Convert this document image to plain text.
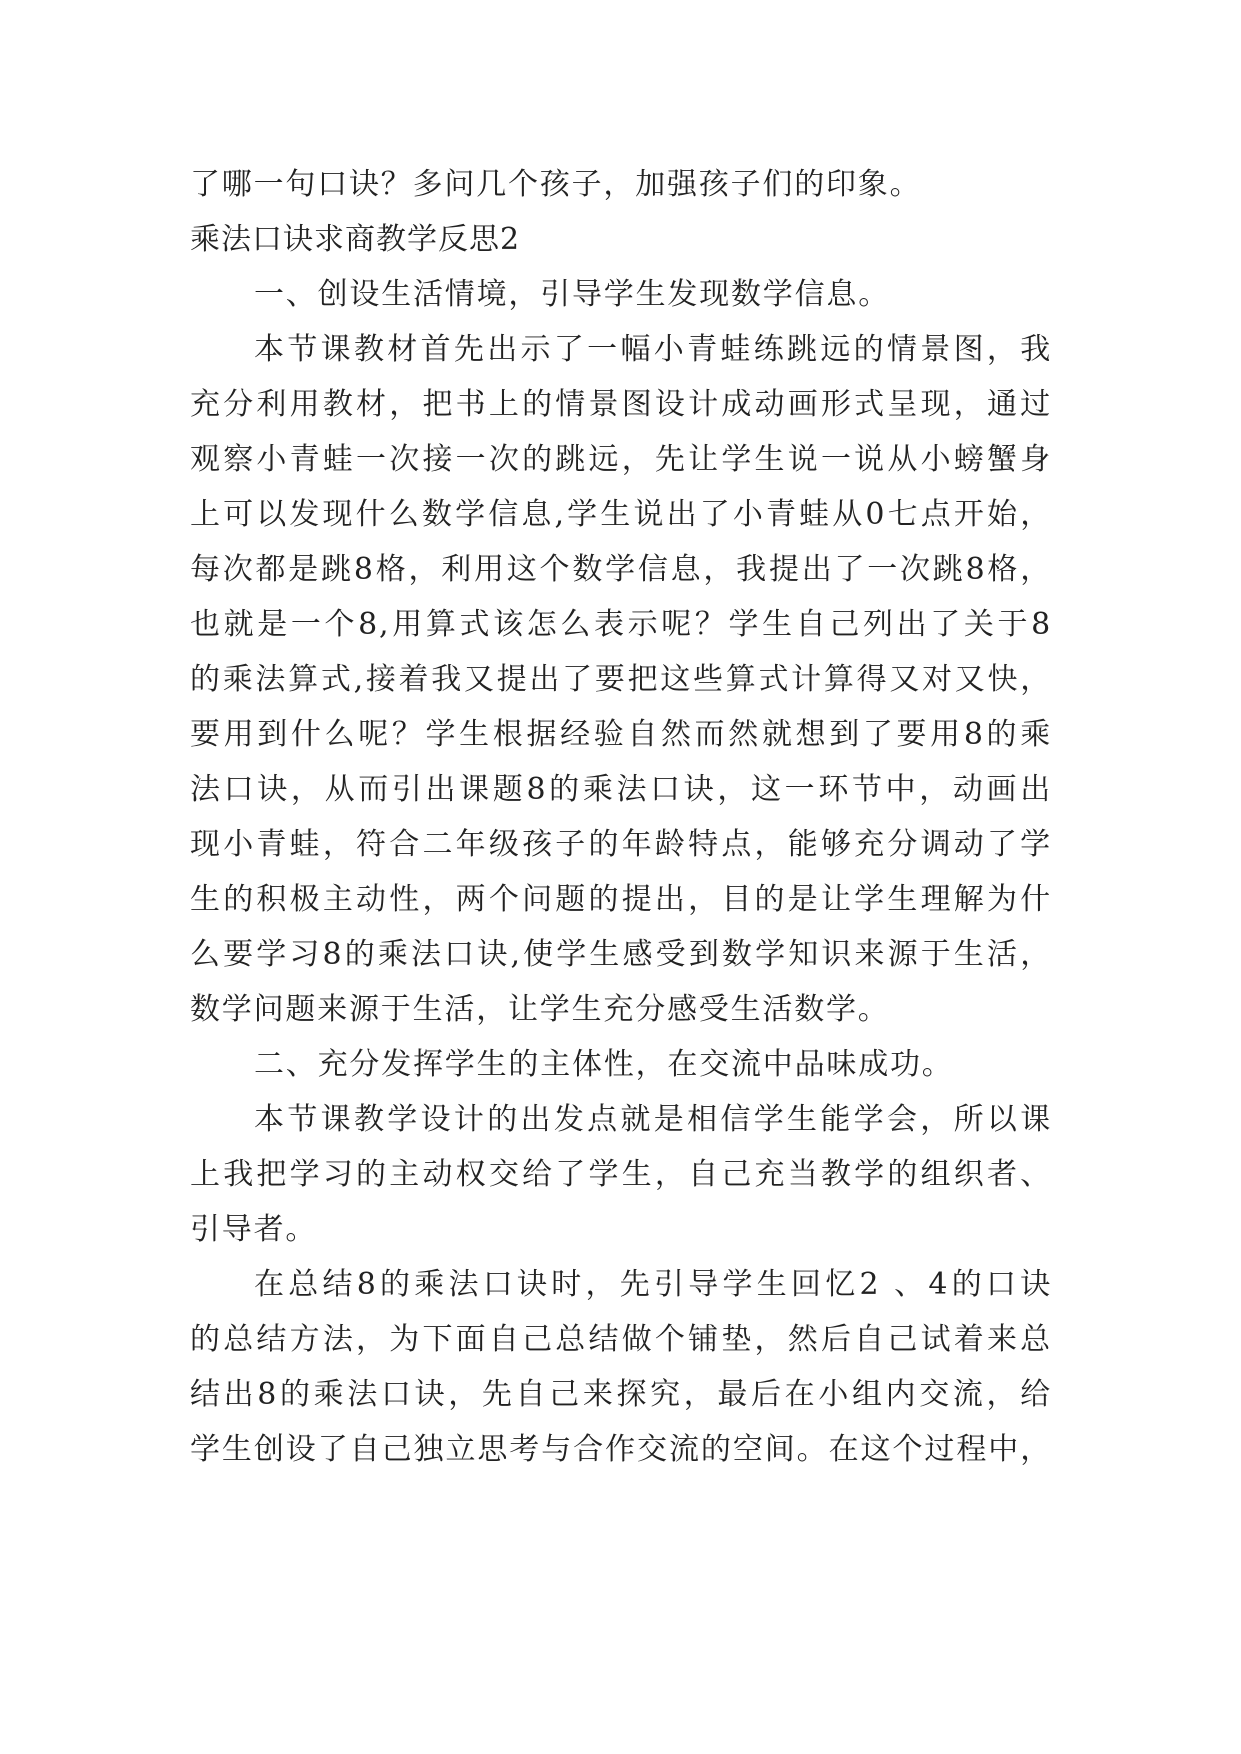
了哪一句口诀？多问几个孩子，加强孩子们的印象。
乘法口诀求商教学反思2
一、创设生活情境，引导学生发现数学信息。
本节课教材首先出示了一幅小青蛙练跳远的情景图，我
充分利用教材，把书上的情景图设计成动画形式呈现，通过
观察小青蛙一次接一次的跳远，先让学生说一说从小螃蟹身
上可以发现什么数学信息,学生说出了小青蛙从0七点开始，
每次都是跳8格，利用这个数学信息，我提出了一次跳8格，
也就是一个8,用算式该怎么表示呢？学生自己列出了关于8
的乘法算式,接着我又提出了要把这些算式计算得又对又快，
要用到什么呢？学生根据经验自然而然就想到了要用8的乘
法口诀，从而引出课题8的乘法口诀，这一环节中，动画出
现小青蛙，符合二年级孩子的年龄特点，能够充分调动了学
生的积极主动性，两个问题的提出，目的是让学生理解为什
么要学习8的乘法口诀,使学生感受到数学知识来源于生活，
数学问题来源于生活，让学生充分感受生活数学。
二、充分发挥学生的主体性，在交流中品味成功。
本节课教学设计的出发点就是相信学生能学会，所以课
上我把学习的主动权交给了学生，自己充当教学的组织者、
引导者。
在总结8的乘法口诀时，先引导学生回忆2 、4的口诀
的总结方法，为下面自己总结做个铺垫，然后自己试着来总
结出8的乘法口诀，先自己来探究，最后在小组内交流，给
学生创设了自己独立思考与合作交流的空间。在这个过程中，
